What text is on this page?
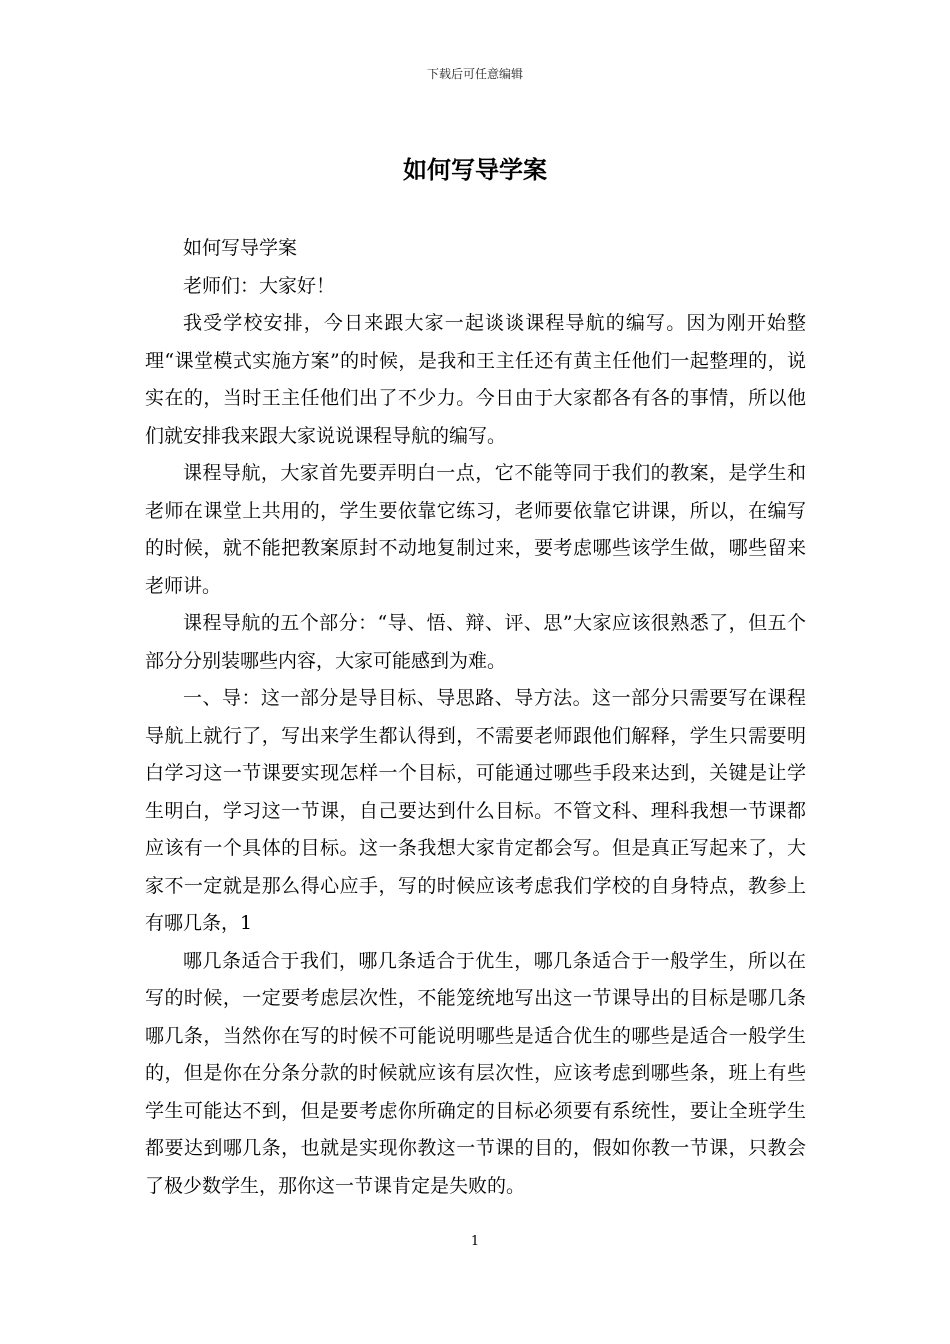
下载后可任意编辑
如何写导学案

如何写导学案

老师们：大家好！

我受学校安排，今日来跟大家一起谈谈课程导航的编写。因为刚开始整理“课堂模式实施方案”的时候，是我和王主任还有黄主任他们一起整理的，说实在的，当时王主任他们出了不少力。今日由于大家都各有各的事情，所以他们就安排我来跟大家说说课程导航的编写。

课程导航，大家首先要弄明白一点，它不能等同于我们的教案，是学生和老师在课堂上共用的，学生要依靠它练习，老师要依靠它讲课，所以，在编写的时候，就不能把教案原封不动地复制过来，要考虑哪些该学生做，哪些留来老师讲。

课程导航的五个部分：“导、悟、辩、评、思”大家应该很熟悉了，但五个部分分别装哪些内容，大家可能感到为难。

一、导：这一部分是导目标、导思路、导方法。这一部分只需要写在课程导航上就行了，写出来学生都认得到，不需要老师跟他们解释，学生只需要明白学习这一节课要实现怎样一个目标，可能通过哪些手段来达到，关键是让学生明白，学习这一节课，自己要达到什么目标。不管文科、理科我想一节课都应该有一个具体的目标。这一条我想大家肯定都会写。但是真正写起来了，大家不一定就是那么得心应手，写的时候应该考虑我们学校的自身特点，教参上有哪几条，1

哪几条适合于我们，哪几条适合于优生，哪几条适合于一般学生，所以在写的时候，一定要考虑层次性，不能笼统地写出这一节课导出的目标是哪几条哪几条，当然你在写的时候不可能说明哪些是适合优生的哪些是适合一般学生的，但是你在分条分款的时候就应该有层次性，应该考虑到哪些条，班上有些学生可能达不到，但是要考虑你所确定的目标必须要有系统性，要让全班学生都要达到哪几条，也就是实现你教这一节课的目的，假如你教一节课，只教会了极少数学生，那你这一节课肯定是失败的。

1
